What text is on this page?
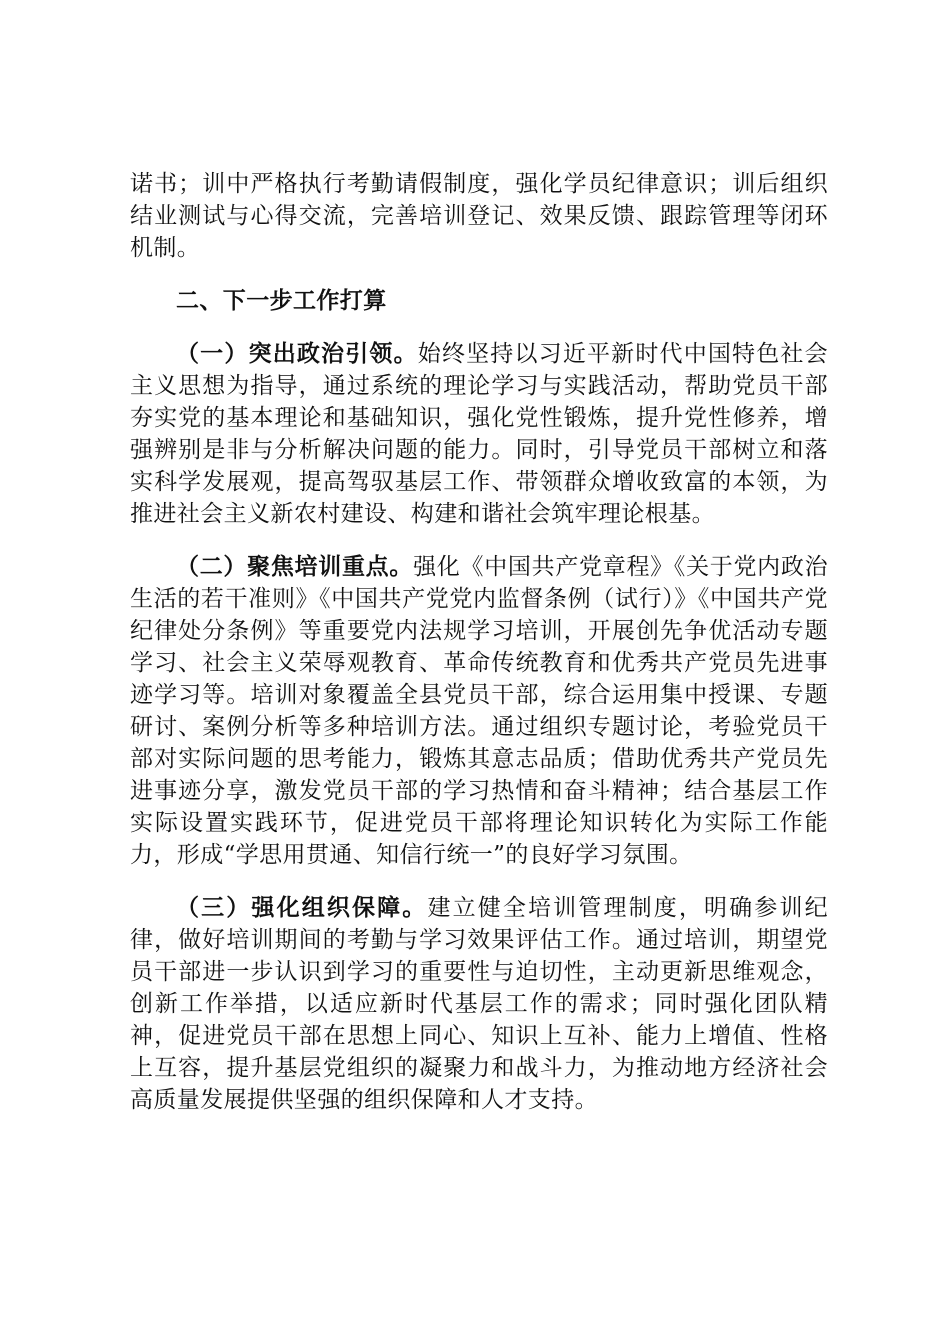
诺书；训中严格执行考勤请假制度，强化学员纪律意识；训后组织结业测试与心得交流，完善培训登记、效果反馈、跟踪管理等闭环机制。

二、下一步工作打算

（一）突出政治引领。始终坚持以习近平新时代中国特色社会主义思想为指导，通过系统的理论学习与实践活动，帮助党员干部夯实党的基本理论和基础知识，强化党性锻炼，提升党性修养，增强辨别是非与分析解决问题的能力。同时，引导党员干部树立和落实科学发展观，提高驾驭基层工作、带领群众增收致富的本领，为推进社会主义新农村建设、构建和谐社会筑牢理论根基。

（二）聚焦培训重点。强化《中国共产党章程》《关于党内政治生活的若干准则》《中国共产党党内监督条例（试行）》《中国共产党纪律处分条例》等重要党内法规学习培训，开展创先争优活动专题学习、社会主义荣辱观教育、革命传统教育和优秀共产党员先进事迹学习等。培训对象覆盖全县党员干部，综合运用集中授课、专题研讨、案例分析等多种培训方法。通过组织专题讨论，考验党员干部对实际问题的思考能力，锻炼其意志品质；借助优秀共产党员先进事迹分享，激发党员干部的学习热情和奋斗精神；结合基层工作实际设置实践环节，促进党员干部将理论知识转化为实际工作能力，形成“学思用贯通、知信行统一”的良好学习氛围。

（三）强化组织保障。建立健全培训管理制度，明确参训纪律，做好培训期间的考勤与学习效果评估工作。通过培训，期望党员干部进一步认识到学习的重要性与迫切性，主动更新思维观念，创新工作举措，以适应新时代基层工作的需求；同时强化团队精神，促进党员干部在思想上同心、知识上互补、能力上增值、性格上互容，提升基层党组织的凝聚力和战斗力，为推动地方经济社会高质量发展提供坚强的组织保障和人才支持。
